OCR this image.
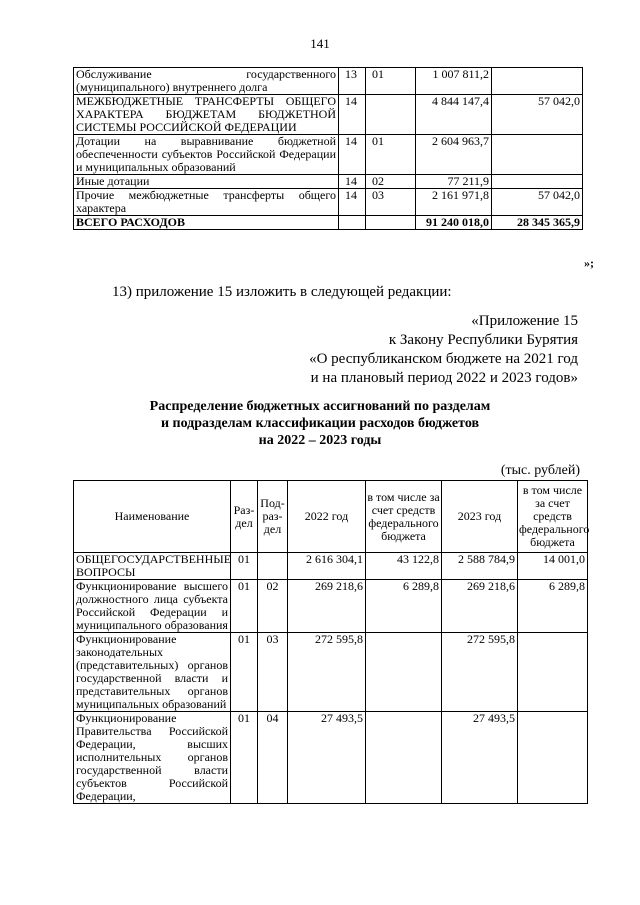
141
Обслуживание государственного (муниципального) внутреннего долга	13	01	1 007 811,2	
МЕЖБЮДЖЕТНЫЕ ТРАНСФЕРТЫ ОБЩЕГО ХАРАКТЕРА БЮДЖЕТАМ БЮДЖЕТНОЙ СИСТЕМЫ РОССИЙСКОЙ ФЕДЕРАЦИИ	14		4 844 147,4	57 042,0
Дотации на выравнивание бюджетной обеспеченности субъектов Российской Федерации и муниципальных образований	14	01	2 604 963,7	
Иные дотации	14	02	77 211,9	
Прочие межбюджетные трансферты общего характера	14	03	2 161 971,8	57 042,0
ВСЕГО РАСХОДОВ			91 240 018,0	28 345 365,9
»;
13) приложение 15 изложить в следующей редакции:
«Приложение 15
к Закону Республики Бурятия
«О республиканском бюджете на 2021 год
и на плановый период 2022 и 2023 годов»
Распределение бюджетных ассигнований по разделам
и подразделам классификации расходов бюджетов
на 2022 – 2023 годы
(тыс. рублей)
Наименование	Раз-дел	Под-раз-дел	2022 год	в том числе за счет средств федерального бюджета	2023 год	в том числе за счет средств федерального бюджета
ОБЩЕГОСУДАРСТВЕННЫЕ ВОПРОСЫ	01		2 616 304,1	43 122,8	2 588 784,9	14 001,0
Функционирование высшего должностного лица субъекта Российской Федерации и муниципального образования	01	02	269 218,6	6 289,8	269 218,6	6 289,8
Функционирование законодательных (представительных) органов государственной власти и представительных органов муниципальных образований	01	03	272 595,8		272 595,8	
Функционирование Правительства Российской Федерации, высших исполнительных органов государственной власти субъектов Российской Федерации,	01	04	27 493,5		27 493,5	
